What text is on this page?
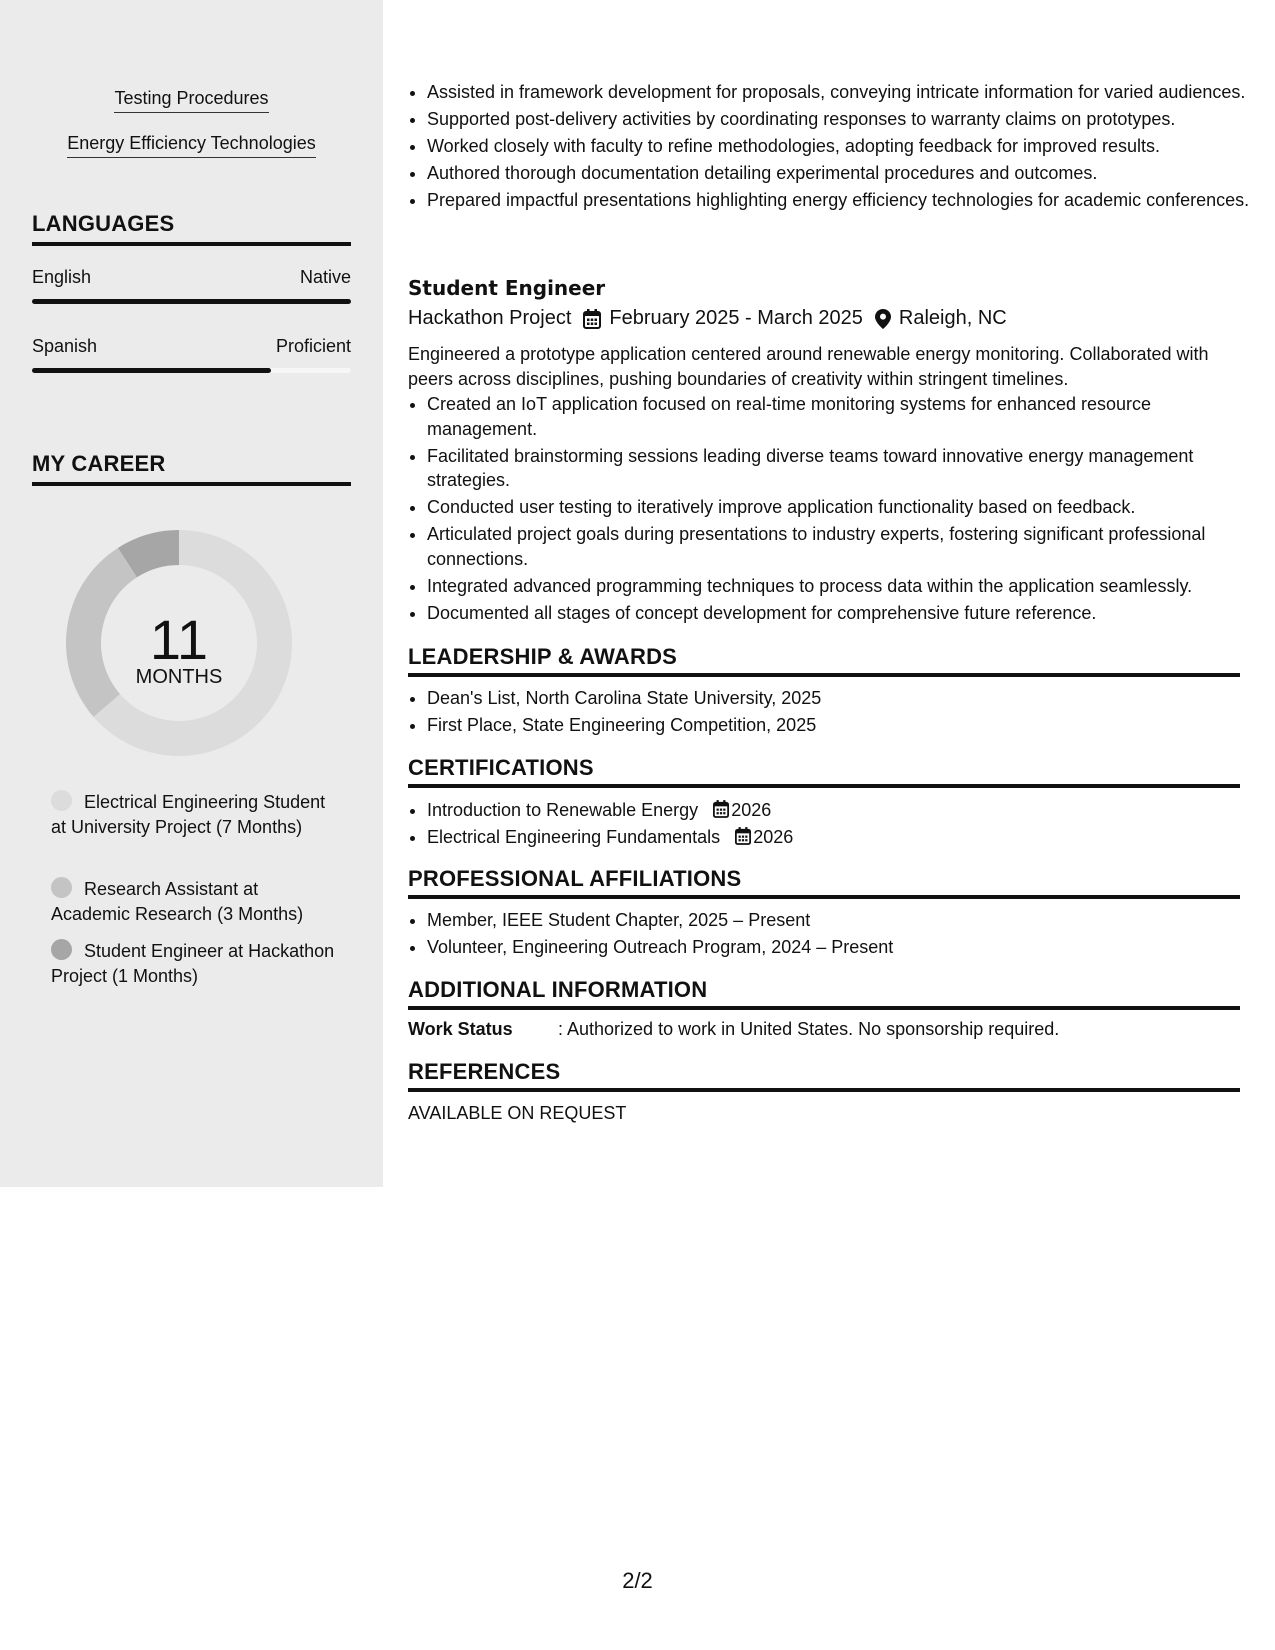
Testing Procedures
Energy Efficiency Technologies
LANGUAGES
English	Native
Spanish	Proficient
MY CAREER
11
MONTHS
Electrical Engineering Student at University Project (7 Months)
Research Assistant at Academic Research (3 Months)
Student Engineer at Hackathon Project (1 Months)
• Assisted in framework development for proposals, conveying intricate information for varied audiences.
• Supported post-delivery activities by coordinating responses to warranty claims on prototypes.
• Worked closely with faculty to refine methodologies, adopting feedback for improved results.
• Authored thorough documentation detailing experimental procedures and outcomes.
• Prepared impactful presentations highlighting energy efficiency technologies for academic conferences.
Student Engineer
Hackathon Project February 2025 - March 2025 Raleigh, NC
Engineered a prototype application centered around renewable energy monitoring. Collaborated with peers across disciplines, pushing boundaries of creativity within stringent timelines.
• Created an IoT application focused on real-time monitoring systems for enhanced resource management.
• Facilitated brainstorming sessions leading diverse teams toward innovative energy management strategies.
• Conducted user testing to iteratively improve application functionality based on feedback.
• Articulated project goals during presentations to industry experts, fostering significant professional connections.
• Integrated advanced programming techniques to process data within the application seamlessly.
• Documented all stages of concept development for comprehensive future reference.
LEADERSHIP & AWARDS
• Dean's List, North Carolina State University, 2025
• First Place, State Engineering Competition, 2025
CERTIFICATIONS
• Introduction to Renewable Energy 2026
• Electrical Engineering Fundamentals 2026
PROFESSIONAL AFFILIATIONS
• Member, IEEE Student Chapter, 2025 – Present
• Volunteer, Engineering Outreach Program, 2024 – Present
ADDITIONAL INFORMATION
Work Status	: Authorized to work in United States. No sponsorship required.
REFERENCES
AVAILABLE ON REQUEST
2/2
